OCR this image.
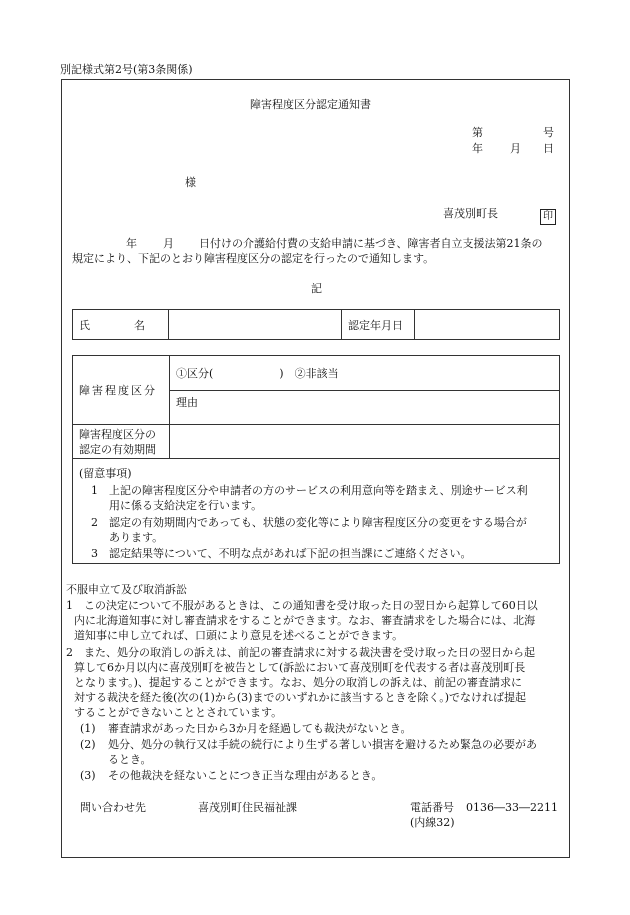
別記様式第2号(第3条関係)
障害程度区分認定通知書
第	号
年 月 日
様
喜茂別町長	印
年 月 日付けの介護給付費の支給申請に基づき、障害者自立支援法第21条の
規定により、下記のとおり障害程度区分の認定を行ったので通知します。
記
氏　　　　名		認定年月日	
障害程度区分	①区分(　　　　　　)　②非該当
	理由

障害程度区分の
認定の有効期間	

(留意事項)
1 上記の障害程度区分や申請者の方のサービスの利用意向等を踏まえ、別途サービス利
用に係る支給決定を行います。
2 認定の有効期間内であっても、状態の変化等により障害程度区分の変更をする場合が
あります。
3 認定結果等について、不明な点があれば下記の担当課にご連絡ください。
不服申立て及び取消訴訟
1　この決定について不服があるときは、この通知書を受け取った日の翌日から起算して60日以
内に北海道知事に対し審査請求をすることができます。なお、審査請求をした場合には、北海
道知事に申し立てれば、口頭により意見を述べることができます。
2　また、処分の取消しの訴えは、前記の審査請求に対する裁決書を受け取った日の翌日から起
算して6か月以内に喜茂別町を被告として(訴訟において喜茂別町を代表する者は喜茂別町長
となります。)、提起することができます。なお、処分の取消しの訴えは、前記の審査請求に
対する裁決を経た後(次の(1)から(3)までのいずれかに該当するときを除く。)でなければ提起
することができないこととされています。
(1) 審査請求があった日から3か月を経過しても裁決がないとき。
(2) 処分、処分の執行又は手続の続行により生ずる著しい損害を避けるため緊急の必要があ
るとき。
(3) その他裁決を経ないことにつき正当な理由があるとき。
問い合わせ先	喜茂別町住民福祉課	電話番号 0136―33―2211
(内線32)
